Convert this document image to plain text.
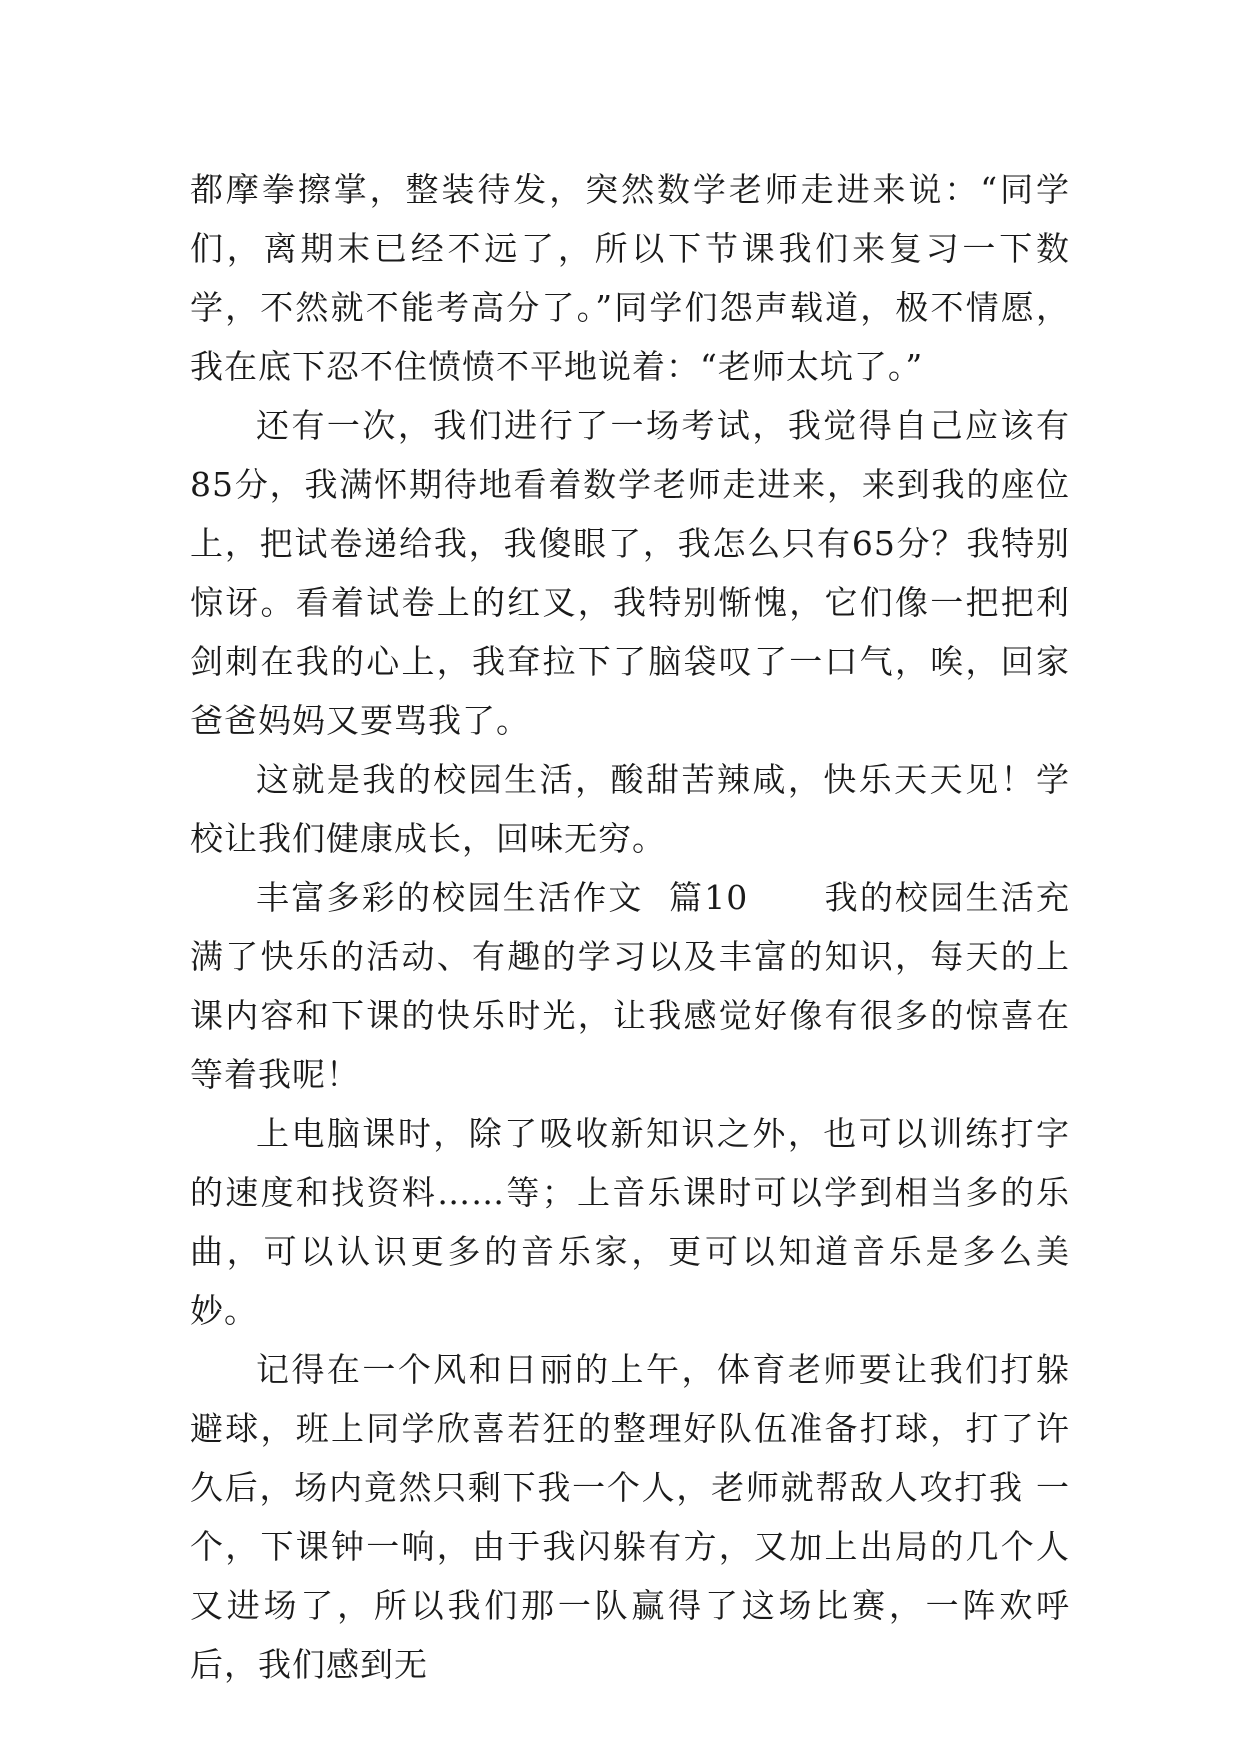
都摩拳擦掌，整装待发，突然数学老师走进来说：“同学们，离期末已经不远了，所以下节课我们来复习一下数学，不然就不能考高分了。”同学们怨声载道，极不情愿，我在底下忍不住愤愤不平地说着：“老师太坑了。”

还有一次，我们进行了一场考试，我觉得自己应该有85分，我满怀期待地看着数学老师走进来，来到我的座位上，把试卷递给我，我傻眼了，我怎么只有65分？我特别惊讶。看着试卷上的红叉，我特别惭愧，它们像一把把利剑刺在我的心上，我耷拉下了脑袋叹了一口气，唉，回家爸爸妈妈又要骂我了。

这就是我的校园生活，酸甜苦辣咸，快乐天天见！学校让我们健康成长，回味无穷。

丰富多彩的校园生活作文  篇10      我的校园生活充满了快乐的活动、有趣的学习以及丰富的知识，每天的上课内容和下课的快乐时光，让我感觉好像有很多的惊喜在等着我呢！

上电脑课时，除了吸收新知识之外，也可以训练打字的速度和找资料……等；上音乐课时可以学到相当多的乐曲，可以认识更多的音乐家，更可以知道音乐是多么美妙。

记得在一个风和日丽的上午，体育老师要让我们打躲避球，班上同学欣喜若狂的整理好队伍准备打球，打了许久后，场内竟然只剩下我一个人，老师就帮敌人攻打我 一个，下课钟一响，由于我闪躲有方，又加上出局的几个人又进场了，所以我们那一队赢得了这场比赛，一阵欢呼后，我们感到无
